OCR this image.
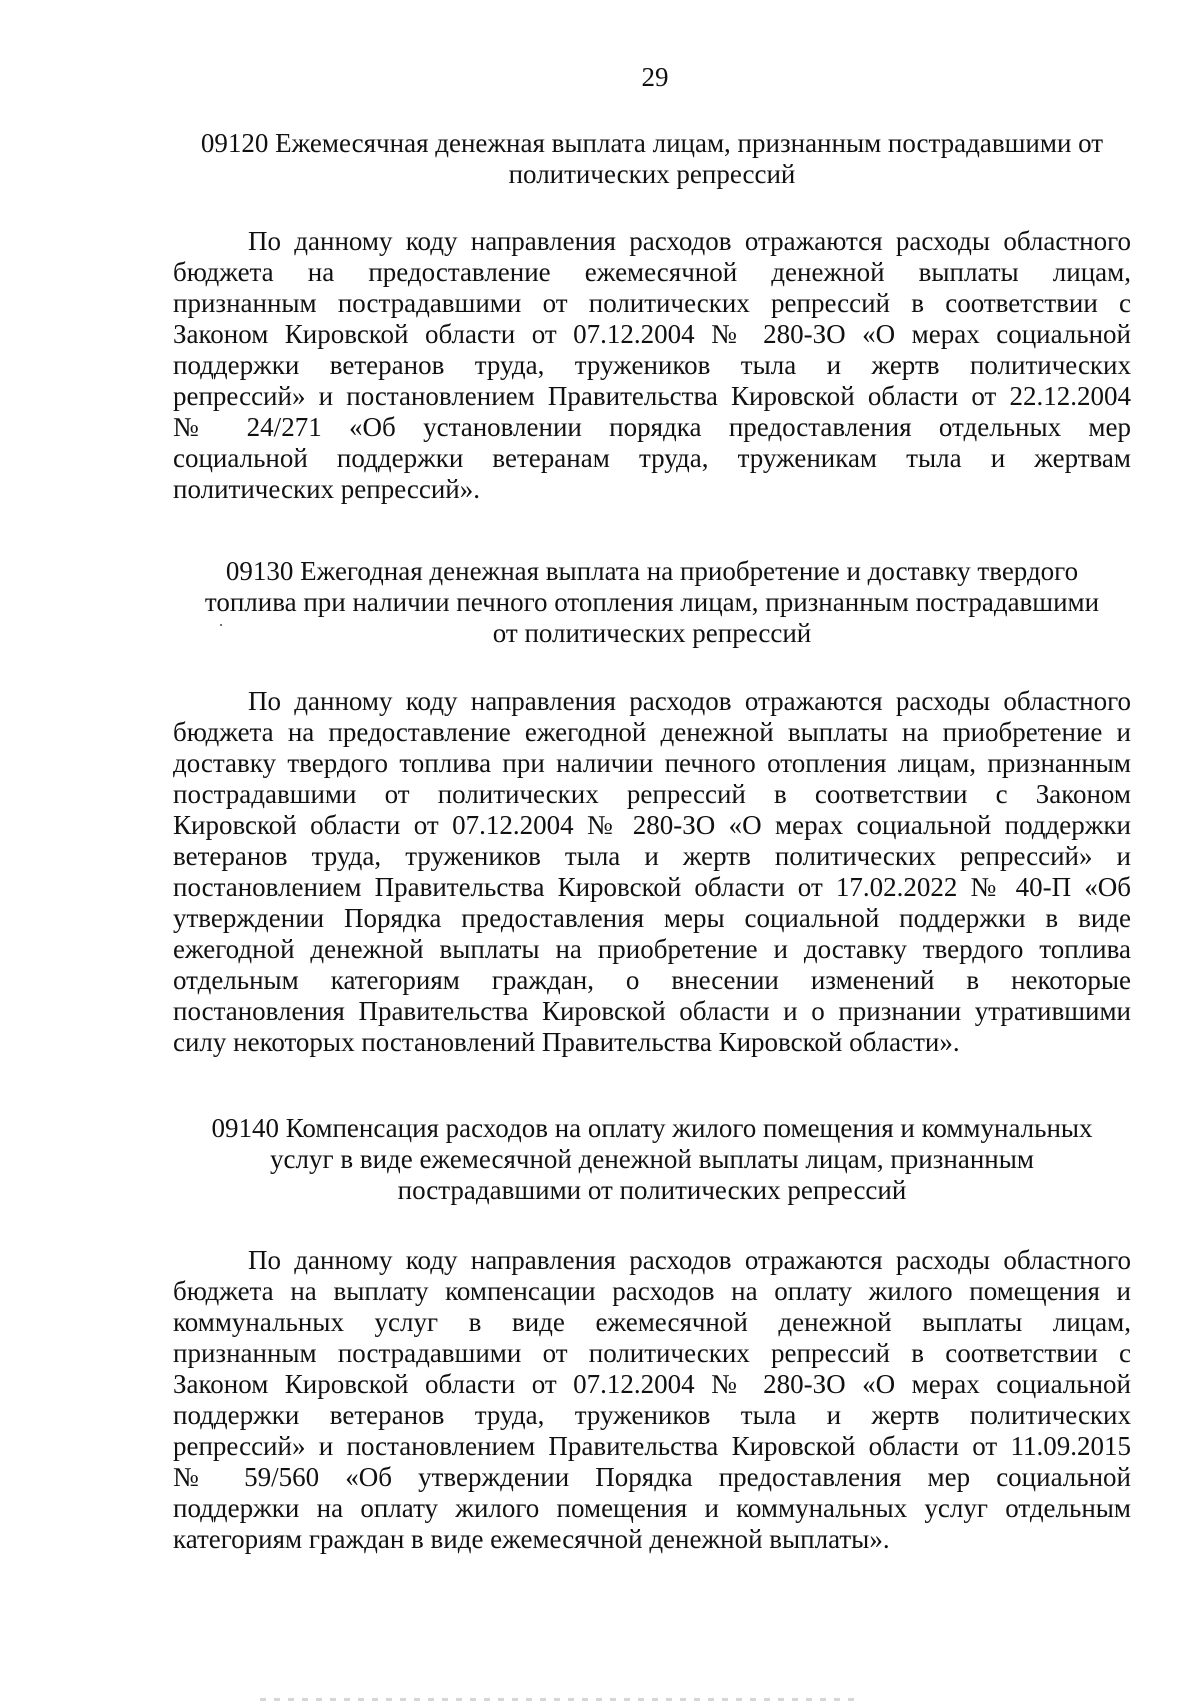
29
09120 Ежемесячная денежная выплата лицам, признанным пострадавшими от
политических репрессий
По данному коду направления расходов отражаются расходы областного
бюджета на предоставление ежемесячной денежной выплаты лицам,
признанным пострадавшими от политических репрессий в соответствии с
Законом Кировской области от 07.12.2004 № 280-ЗО «О мерах социальной
поддержки ветеранов труда, тружеников тыла и жертв политических
репрессий» и постановлением Правительства Кировской области от 22.12.2004
№ 24/271 «Об установлении порядка предоставления отдельных мер
социальной поддержки ветеранам труда, труженикам тыла и жертвам
политических репрессий».
09130 Ежегодная денежная выплата на приобретение и доставку твердого
топлива при наличии печного отопления лицам, признанным пострадавшими
от политических репрессий
По данному коду направления расходов отражаются расходы областного
бюджета на предоставление ежегодной денежной выплаты на приобретение и
доставку твердого топлива при наличии печного отопления лицам, признанным
пострадавшими от политических репрессий в соответствии с Законом
Кировской области от 07.12.2004 № 280-ЗО «О мерах социальной поддержки
ветеранов труда, тружеников тыла и жертв политических репрессий» и
постановлением Правительства Кировской области от 17.02.2022 № 40-П «Об
утверждении Порядка предоставления меры социальной поддержки в виде
ежегодной денежной выплаты на приобретение и доставку твердого топлива
отдельным категориям граждан, о внесении изменений в некоторые
постановления Правительства Кировской области и о признании утратившими
силу некоторых постановлений Правительства Кировской области».
09140 Компенсация расходов на оплату жилого помещения и коммунальных
услуг в виде ежемесячной денежной выплаты лицам, признанным
пострадавшими от политических репрессий
По данному коду направления расходов отражаются расходы областного
бюджета на выплату компенсации расходов на оплату жилого помещения и
коммунальных услуг в виде ежемесячной денежной выплаты лицам,
признанным пострадавшими от политических репрессий в соответствии с
Законом Кировской области от 07.12.2004 № 280-ЗО «О мерах социальной
поддержки ветеранов труда, тружеников тыла и жертв политических
репрессий» и постановлением Правительства Кировской области от 11.09.2015
№ 59/560 «Об утверждении Порядка предоставления мер социальной
поддержки на оплату жилого помещения и коммунальных услуг отдельным
категориям граждан в виде ежемесячной денежной выплаты».
